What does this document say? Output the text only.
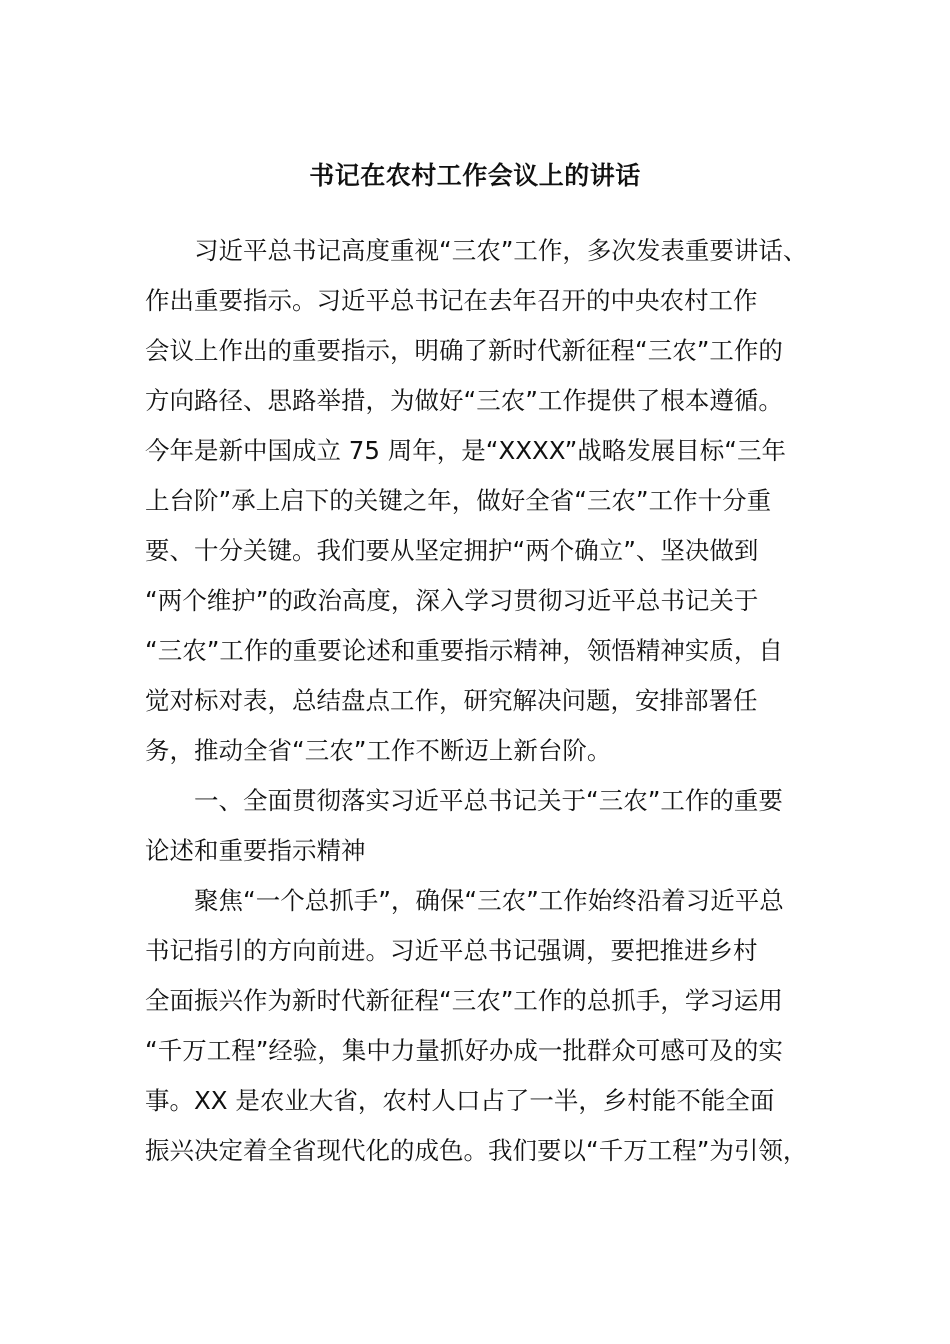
书记在农村工作会议上的讲话
习近平总书记高度重视“三农”工作，多次发表重要讲话、
作出重要指示。习近平总书记在去年召开的中央农村工作
会议上作出的重要指示，明确了新时代新征程“三农”工作的
方向路径、思路举措，为做好“三农”工作提供了根本遵循。
今年是新中国成立 75 周年，是“XXXX”战略发展目标“三年
上台阶”承上启下的关键之年，做好全省“三农”工作十分重
要、十分关键。我们要从坚定拥护“两个确立”、坚决做到
“两个维护”的政治高度，深入学习贯彻习近平总书记关于
“三农”工作的重要论述和重要指示精神，领悟精神实质，自
觉对标对表，总结盘点工作，研究解决问题，安排部署任
务，推动全省“三农”工作不断迈上新台阶。
一、全面贯彻落实习近平总书记关于“三农”工作的重要
论述和重要指示精神
聚焦“一个总抓手”，确保“三农”工作始终沿着习近平总
书记指引的方向前进。习近平总书记强调，要把推进乡村
全面振兴作为新时代新征程“三农”工作的总抓手，学习运用
“千万工程”经验，集中力量抓好办成一批群众可感可及的实
事。XX 是农业大省，农村人口占了一半，乡村能不能全面
振兴决定着全省现代化的成色。我们要以“千万工程”为引领，
